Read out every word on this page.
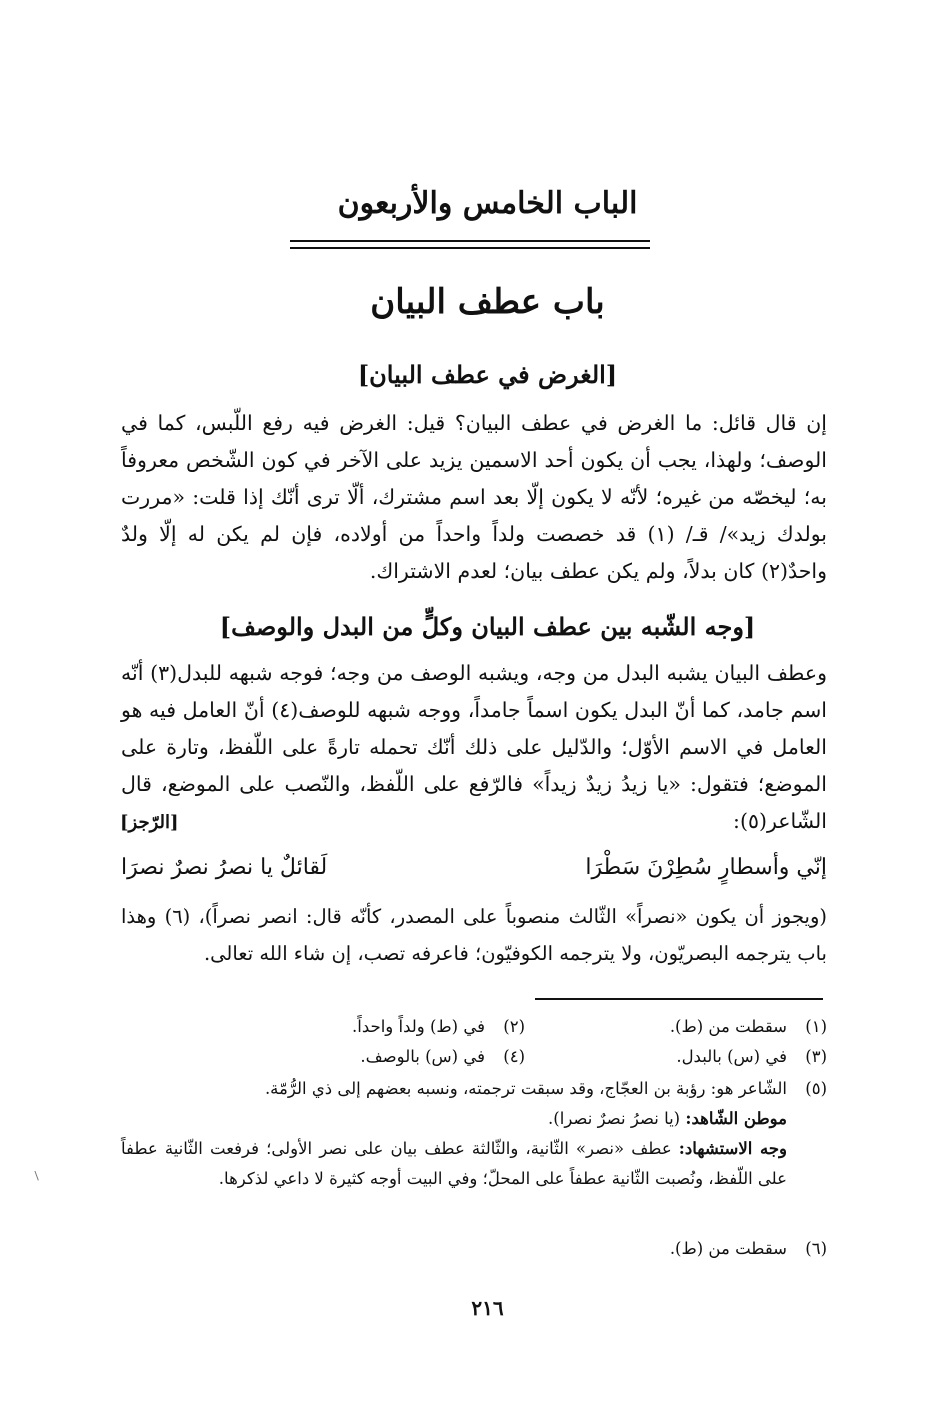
الباب الخامس والأربعون
باب عطف البيان
[الغرض في عطف البيان]
إن قال قائل: ما الغرض في عطف البيان؟ قيل: الغرض فيه رفع اللّبس، كما في الوصف؛ ولهذا، يجب أن يكون أحد الاسمين يزيد على الآخر في كون الشّخص معروفاً به؛ ليخصّه من غيره؛ لأنّه لا يكون إلّا بعد اسم مشترك، ألّا ترى أنّك إذا قلت: «مررت بولدك زيد»/ قـ/ (١) قد خصصت ولداً واحداً من أولاده، فإن لم يكن له إلّا ولدٌ واحدٌ(٢) كان بدلاً، ولم يكن عطف بيان؛ لعدم الاشتراك.
[وجه الشّبه بين عطف البيان وكلٍّ من البدل والوصف]
وعطف البيان يشبه البدل من وجه، ويشبه الوصف من وجه؛ فوجه شبهه للبدل(٣) أنّه اسم جامد، كما أنّ البدل يكون اسماً جامداً، ووجه شبهه للوصف(٤) أنّ العامل فيه هو العامل في الاسم الأوّل؛ والدّليل على ذلك أنّك تحمله تارةً على اللّفظ، وتارة على الموضع؛ فتقول: «يا زيدُ زيدٌ زيداً» فالرّفع على اللّفظ، والنّصب على الموضع، قال الشّاعر(٥):
[الرّجز]
إنّي وأسطارٍ سُطِرْنَ سَطْرَا
لَقائلٌ يا نصرُ نصرٌ نصرَا
(ويجوز أن يكون «نصراً» الثّالث منصوباً على المصدر، كأنّه قال: انصر نصراً)، (٦) وهذا باب يترجمه البصريّون، ولا يترجمه الكوفيّون؛ فاعرفه تصب، إن شاء الله تعالى.
(١)سقطت من (ط).
(٢)في (ط) ولداً واحداً.
(٣)في (س) بالبدل.
(٤)في (س) بالوصف.
(٥)الشّاعر هو: رؤبة بن العجّاج، وقد سبقت ترجمته، ونسبه بعضهم إلى ذي الرُّمّة.
موطن الشّاهد: (يا نصرُ نصرٌ نصرا).
وجه الاستشهاد: عطف «نصر» الثّانية، والثّالثة عطف بيان على نصر الأولى؛ فرفعت الثّانية عطفاً على اللّفظ، ونُصبت الثّانية عطفاً على المحلّ؛ وفي البيت أوجه كثيرة لا داعي لذكرها.
(٦)سقطت من (ط).
٢١٦
